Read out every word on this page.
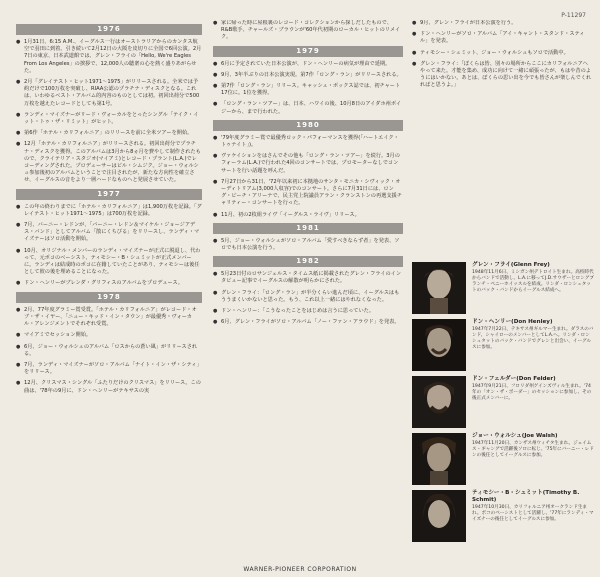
P-11297
1976
● 1月31日、6:15 A.M.、イーグルス一行はオーストラリアからのカンタス航空で羽田に到着。引き続いて2月12日の大阪を皮切りに全国で6回公演。2月7日の東京、日本武道館では、グレン・フライの「Hello, We're Eagles From Los Angeles」の挨拶で、12,000人の聴衆の心を熱く盛りあがらせた。
● 2月「グレイテスト・ヒット1971〜1975」がリリースされる。全米では予約だけで100万枚を突破し、RIAA公認のプラチナ・ディスクとなる。これは、いわゆるベスト・アルバム的内容のものとしては初。初回出荷分で500万枚を越えたレコードとしても第1号。
● ランディ・マイズナーがリード・ヴォーカルをとったシングル「テイク・イット・トゥ・ザ・リミット」がヒット。
● 第6作「ホテル・カリフォルニア」のリリースを前に全米ツアーを開始。
● 12月「ホテル・カリフォルニア」がリリースされる。初回出荷分でプラチナ・ディスクを獲得。このアルバムは3月から8ヵ月を費やして制作されたもので、クライテリア・スタジオ(マイアミ)とレコード・プラント(L.A.)でレコーディングされた。プロデューサーはビル・シムジク。ジョー・ウォルシュ参加後初のアルバムということで注目されたが、新たな方向性を確立させ、イーグルスの音をより一層ハードなものへと発展させていた。
1977
● この年の終わりまでに「ホテル・カリフォルニア」は1,900万枚を記録。「グレイテスト・ヒット1971〜1975」は700万枚を記録。
● 7月、バーニー・レドンが、「バーニー・レドン＆マイケル・ジョージアデス・バンド」としてアルバム「散にくちびる」をリリースし、ランディ・マイズナーはソロ活動を開始。
● 10月、オリジナル・メンバーのランディ・マイズナーが正式に脱退し、代わって、元ポコのベーシスト、ティモシー・B・シュミットが正式メンバーに。ランディは結成時のポコに在籍していたことがあり、ティモシーは後任として彼の後を埋めることになった。
● ドン・ヘンリーがブレンダ・グリフィスのアルバムをプロデュース。
1978
● 2月、77年度グラミー賞受賞。「ホテル・カリフォルニア」がレコード・オブ・ザ・イヤー、「ニュー・キッド・イン・タウン」が最優秀・ヴォーカル・アレンジメントでそれぞれ受賞。
● マイアミでセッション開始。
● 6月、ジョー・ウォルシュのアルバム「ロスからの蒼い風」がリリースされる。
● 7月、ランディ・マイズナーがソロ・アルバム「ナイト・イン・ザ・シティ」をリリース。
● 12月、クリスマス・シングル「ふたりだけのクリスマス」をリリース。この曲は、'78年の9月に、ドン・ヘンリーがテキサスの実
● 家に帰った時に屋根裏のレコード・コレクションから探しだしたもので、R&B歌手、チャールズ・ブラウンが'60年代初期のローカル・ヒットのリメイク。
1979
● 6月に予定されていた日本公演が、ドン・ヘンリーの病気が理由で延期。
● 9月、3年半ぶりの日本公演実現。第7作「ロング・ラン」がリリースされる。
● 第7作「ロング・ラン」リリース。キャッシュ・ボックス誌では、初チャート17位に。1位を獲得。
● 「ロング・ラン・ツアー」は、日本、ハワイの後、10月8日のアイダホ州ボイジーから、まで行われた。
1980
● '79年度グラミー賞で最優秀ロック・パフォーマンスを獲得(「ハートエイク・トゥナイト」)。
● ヴァケイションをはさんでその他も「ロング・ラン・ツアー」を続行。3月のフォーラム(L.A.)で行われた4回のコンサートでは、プロモーターなしでコンサートを行い話題を呼んだ。
● 7月27日から31日、'72年以来初に本拠地のサンタ・モニカ・シヴィック・オーディトリアム(3,000人収容)でのコンサート。さらに7月31日には、ロング・ビーチ・アリーナで、民主党上院議員アラン・クランストンの再選支援チャリティー・コンサートを行った。
● 11月、初の2枚組ライヴ「イーグルス・ライヴ」リリース。
1981
● 5月、ジョー・ウォルシュがソロ・アルバム「愛すべきならず者」を発表、ソロでも日本公演を行う。
1982
● 5月23日付のロサンジェルス・タイムス紙に掲載されたグレン・フライのインタビュー記事でイーグルスの解散が明らかにされた。
● グレン・フライ：「ロング・ラン」が半分くらい進んだ頃に、イーグルスはもううまくいかないと思った。もう、これ以上一緒にはやれなくなった。
● ドン・ヘンリー：「こうなったことをはじめは言うに思っていた。
● 6月、グレン・フライがソロ・アルバム「ノー・ファン・アラウド」を発表。
● 9月、グレン・フライが日本公演を行う。
● ドン・ヘンリーがソロ・アルバム「アイ・キャント・スタンド・スティル」を発表。
● ティモシー・シュミット、ジョー・ウォルシュもソロで活動中。
● グレン・フライ：「ぼくらは皆、別々の場所からここにカリフォルニアへやって来た。才能を集め、成功に向けて一緒に頑張ったが、もはや昔のようにはいかない。あとは、ぼくらの思い出を今でも皆さんが楽しんでくれればと思うよ。」
グレン・フライ(Glenn Frey)
1948年11月6日、ミシガン州デトロイト生まれ。高校時代からバンドで活動し、L.A.に移ってJ.D.サウザーとロングブランチ・ペニーホイッスルを結成。リンダ・ロンシュタットのバック・バンドからイーグルス結成へ。
ドン・ヘンリー(Don Henley)
1947年7月22日、テキサス州ギルマー生まれ。ダラスのバンド、シャイローのメンバーとしてL.A.へ。リンダ・ロンシュタットのバック・バンドでグレンと出会い、イーグルスに参加。
ドン・フェルダー(Don Felder)
1947年9月21日、フロリダ州ゲインズヴィル生まれ。'74年の「オン・ザ・ボーダー」のセッションに参加し、その後正式メンバーに。
ジョー・ウォルシュ(Joe Walsh)
1947年11月20日、カンザス州ウィチタ生まれ。ジェイムス・ギャングで活躍後ソロに転じ、'75年にバーニー・レドンの後任としてイーグルスに参加。
ティモシー・B・シュミット(Timothy B. Schmit)
1947年10月30日、カリフォルニア州オークランド生まれ。ポコのベーシストとして活躍し、'77年にランディ・マイズナーの後任としてイーグルスに参加。
WARNER-PIONEER CORPORATION
